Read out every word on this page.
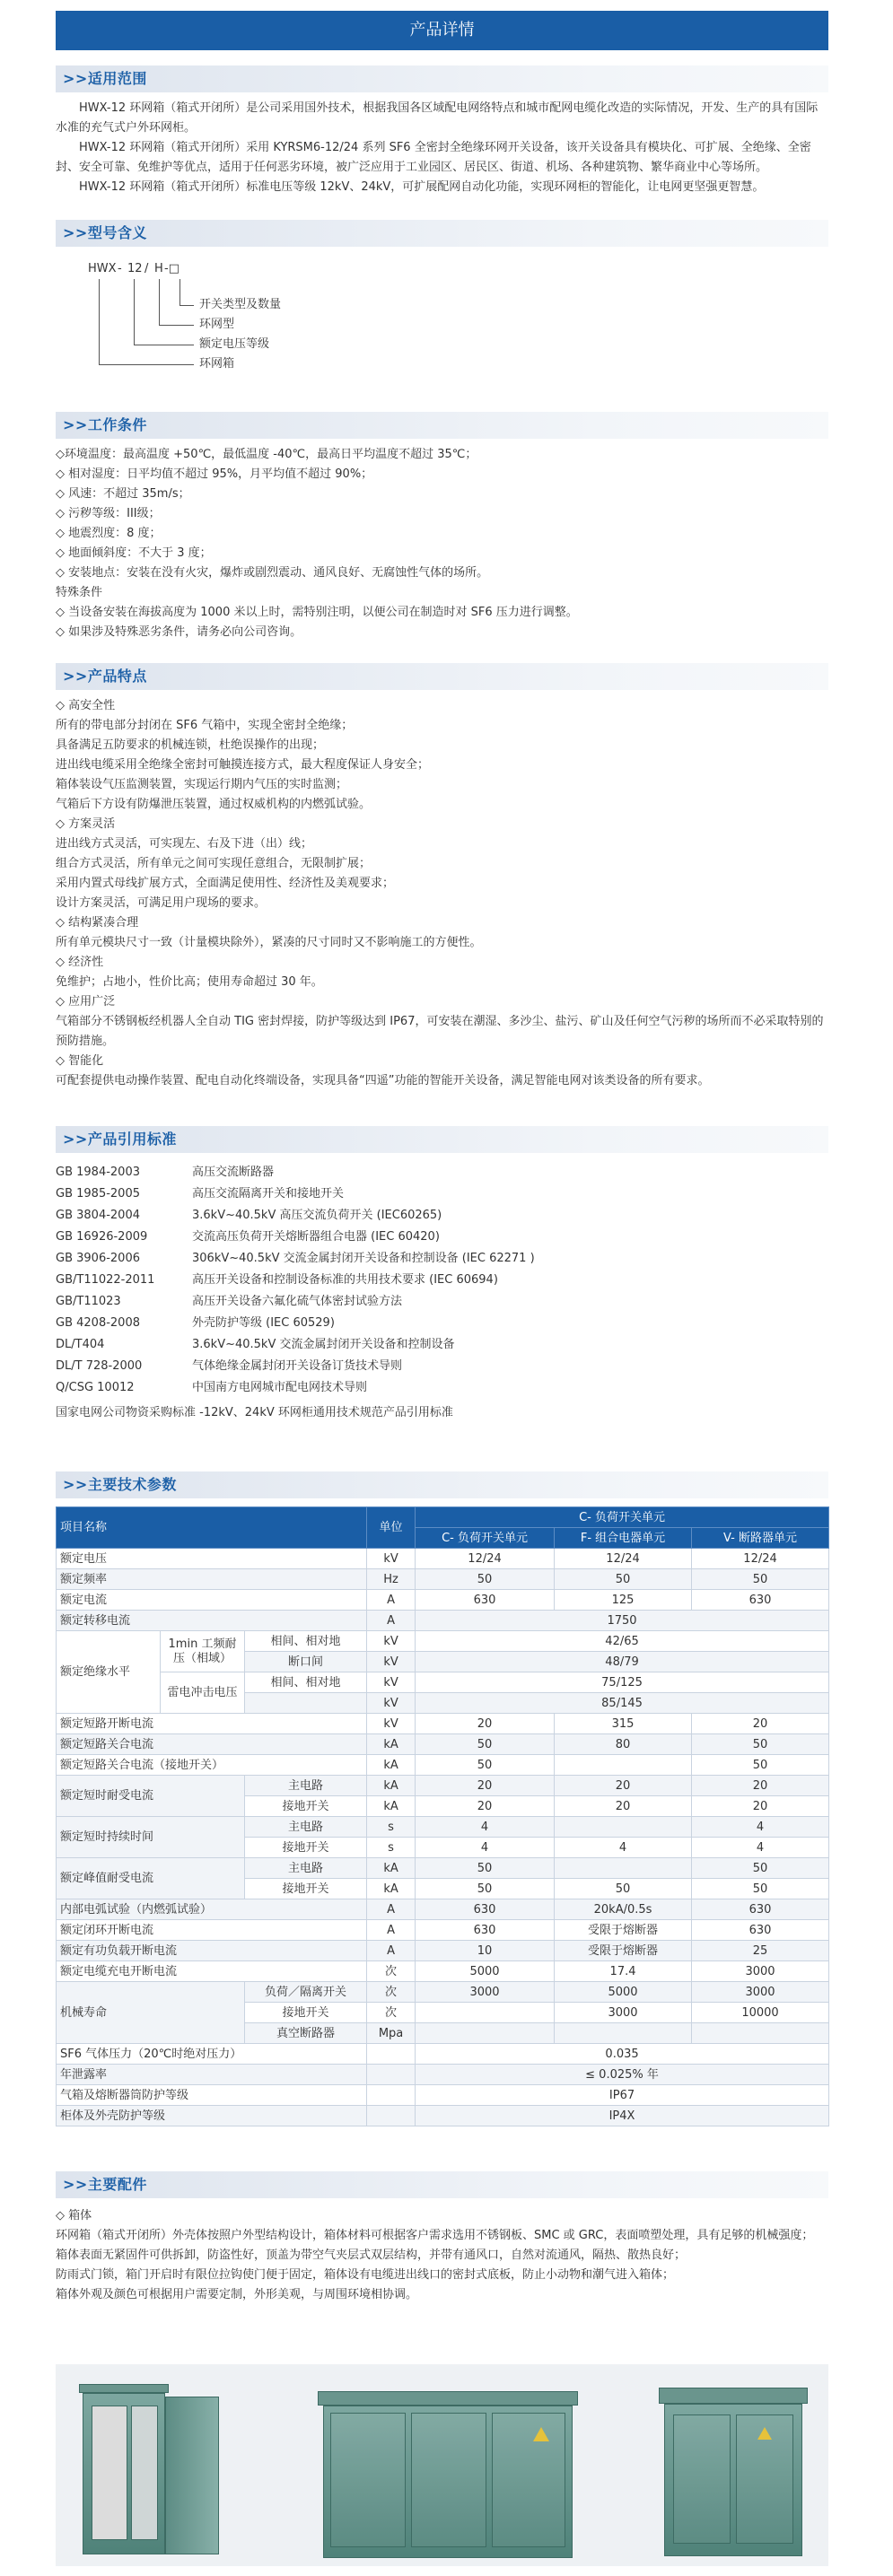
产品详情
>>适用范围
HWX-12 环网箱（箱式开闭所）是公司采用国外技术，根据我国各区域配电网络特点和城市配网电缆化改造的实际情况，开发、生产的具有国际水准的充气式户外环网柜。
HWX-12 环网箱（箱式开闭所）采用 KYRSM6-12/24 系列 SF6 全密封全绝缘环网开关设备，该开关设备具有模块化、可扩展、全绝缘、全密封、安全可靠、免维护等优点，适用于任何恶劣环境，被广泛应用于工业园区、居民区、街道、机场、各种建筑物、繁华商业中心等场所。
HWX-12 环网箱（箱式开闭所）标准电压等级 12kV、24kV，可扩展配网自动化功能，实现环网柜的智能化，让电网更坚强更智慧。
>>型号含义
HWX - 12 / H -□
开关类型及数量
环网型
额定电压等级
环网箱
>>工作条件
◇环境温度：最高温度 +50℃，最低温度 -40℃，最高日平均温度不超过 35℃；
◇ 相对湿度：日平均值不超过 95%，月平均值不超过 90%；
◇ 风速：不超过 35m/s；
◇ 污秽等级：III级；
◇ 地震烈度：8 度；
◇ 地面倾斜度：不大于 3 度；
◇ 安装地点：安装在没有火灾，爆炸或剧烈震动、通风良好、无腐蚀性气体的场所。
特殊条件
◇ 当设备安装在海拔高度为 1000 米以上时，需特别注明，以便公司在制造时对 SF6 压力进行调整。
◇ 如果涉及特殊恶劣条件，请务必向公司咨询。
>>产品特点
◇ 高安全性
所有的带电部分封闭在 SF6 气箱中，实现全密封全绝缘；
具备满足五防要求的机械连锁，杜绝误操作的出现；
进出线电缆采用全绝缘全密封可触摸连接方式，最大程度保证人身安全；
箱体装设气压监测装置，实现运行期内气压的实时监测；
气箱后下方设有防爆泄压装置，通过权威机构的内燃弧试验。
◇ 方案灵活
进出线方式灵活，可实现左、右及下进（出）线；
组合方式灵活，所有单元之间可实现任意组合，无限制扩展；
采用内置式母线扩展方式，全面满足使用性、经济性及美观要求；
设计方案灵活，可满足用户现场的要求。
◇ 结构紧凑合理
所有单元模块尺寸一致（计量模块除外），紧凑的尺寸同时又不影响施工的方便性。
◇ 经济性
免维护；占地小，性价比高；使用寿命超过 30 年。
◇ 应用广泛
气箱部分不锈钢板经机器人全自动 TIG 密封焊接，防护等级达到 IP67，可安装在潮湿、多沙尘、盐污、矿山及任何空气污秽的场所而不必采取特别的预防措施。
◇ 智能化
可配套提供电动操作装置、配电自动化终端设备，实现具备“四遥”功能的智能开关设备，满足智能电网对该类设备的所有要求。
>>产品引用标准
GB 1984-2003	高压交流断路器
GB 1985-2005	高压交流隔离开关和接地开关
GB 3804-2004	3.6kV~40.5kV 高压交流负荷开关 (IEC60265)
GB 16926-2009	交流高压负荷开关熔断器组合电器 (IEC 60420)
GB 3906-2006	306kV~40.5kV 交流金属封闭开关设备和控制设备 (IEC 62271 )
GB/T11022-2011	高压开关设备和控制设备标准的共用技术要求 (IEC 60694)
GB/T11023	高压开关设备六氟化硫气体密封试验方法
GB 4208-2008	外壳防护等级 (IEC 60529)
DL/T404	3.6kV~40.5kV 交流金属封闭开关设备和控制设备
DL/T 728-2000	气体绝缘金属封闭开关设备订货技术导则
Q/CSG 10012	中国南方电网城市配电网技术导则
国家电网公司物资采购标准 -12kV、24kV 环网柜通用技术规范产品引用标准
>>主要技术参数
项目名称			单位	C- 负荷开关单元		
				C- 负荷开关单元	F- 组合电器单元	V- 断路器单元
额定电压			kV	12/24	12/24	12/24
额定频率			Hz	50	50	50
额定电流			A	630	125	630
额定转移电流			A	1750		
额定绝缘水平	1min 工频耐压（相域）	相间、相对地	kV	42/65		
		断口间	kV	48/79		
	雷电冲击电压	相间、相对地	kV	75/125		
			kV	85/145		
额定短路开断电流			kV	20	315	20
额定短路关合电流			kA	50	80	50
额定短路关合电流（接地开关）			kA	50		50
额定短时耐受电流		主电路	kA	20	20	20
		接地开关	kA	20	20	20
额定短时持续时间		主电路	s	4		4
		接地开关	s	4	4	4
额定峰值耐受电流		主电路	kA	50		50
		接地开关	kA	50	50	50
内部电弧试验（内燃弧试验）			A	630	20kA/0.5s	630
额定闭环开断电流			A	630	受限于熔断器	630
额定有功负载开断电流			A	10	受限于熔断器	25
额定电缆充电开断电流			次	5000	17.4	3000
机械寿命		负荷／隔离开关	次	3000	5000	3000
		接地开关	次		3000	10000
		真空断路器	Mpa			
SF6 气体压力（20℃时绝对压力）				0.035		
年泄露率				≤ 0.025% 年		
气箱及熔断器筒防护等级				IP67		
柜体及外壳防护等级				IP4X		
>>主要配件
◇ 箱体
环网箱（箱式开闭所）外壳体按照户外型结构设计，箱体材料可根据客户需求选用不锈钢板、SMC 或 GRC，表面喷塑处理，具有足够的机械强度；
箱体表面无紧固件可供拆卸，防盗性好，顶盖为带空气夹层式双层结构，并带有通风口，自然对流通风，隔热、散热良好；
防雨式门锁，箱门开启时有限位拉钩使门便于固定，箱体设有电缆进出线口的密封式底板，防止小动物和潮气进入箱体；
箱体外观及颜色可根据用户需要定制，外形美观，与周围环境相协调。
